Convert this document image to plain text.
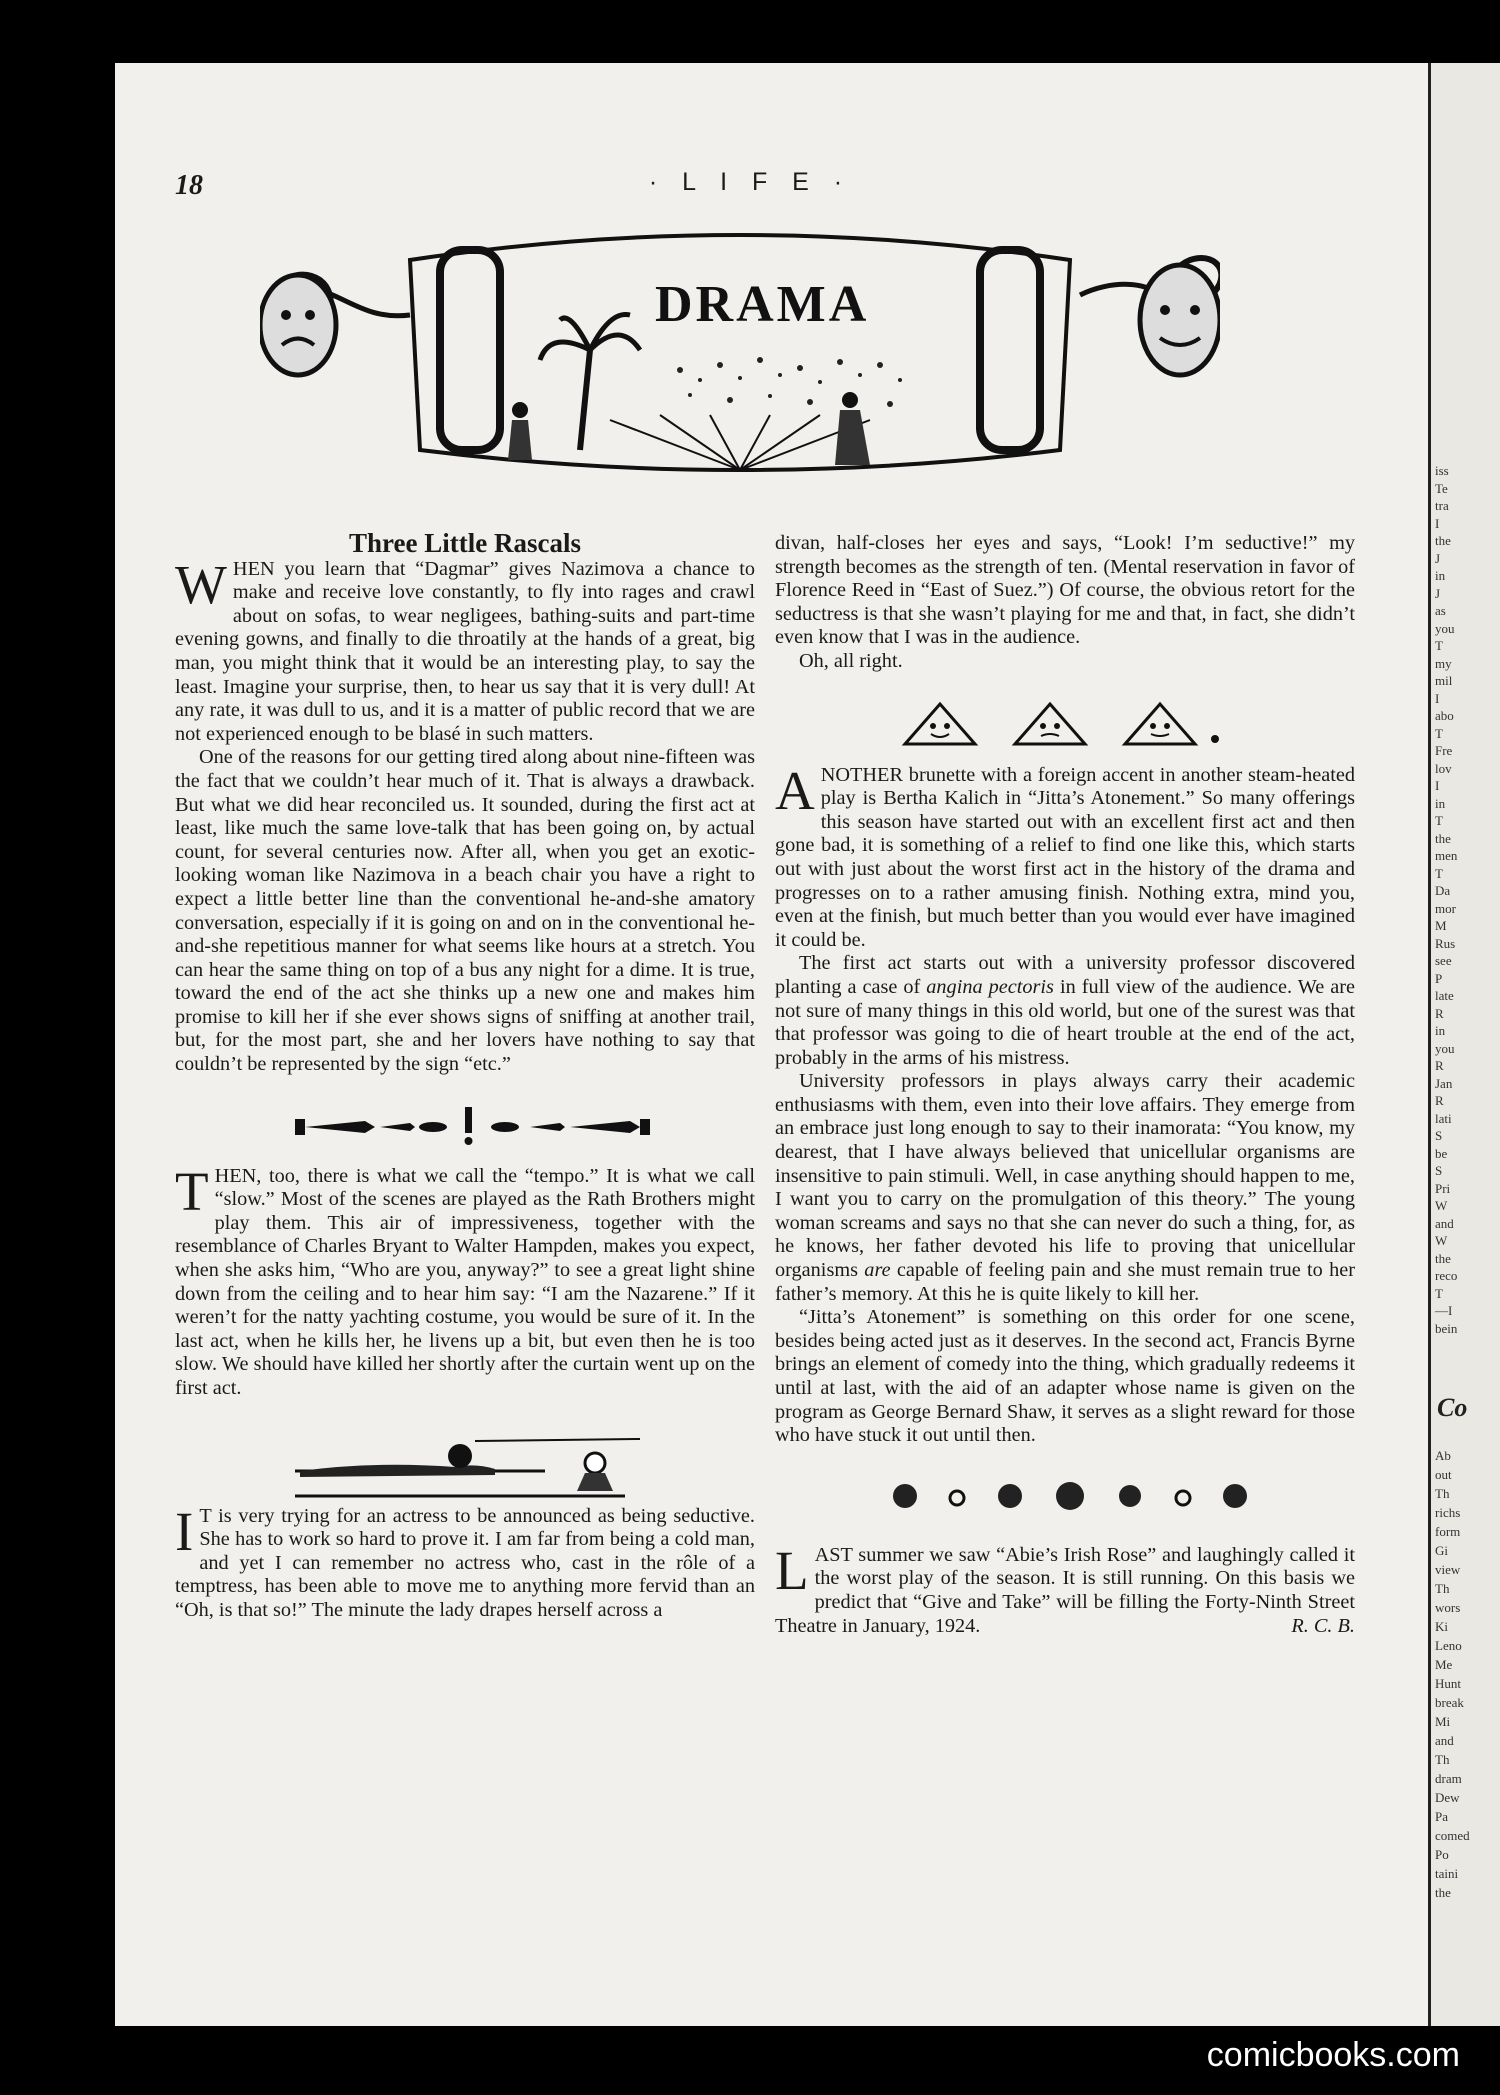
Co
iss
Te
tra
I
the
J
in
J
as
you
T
my
mil
I
abo
T
Fre
lov
I
in
T
the
men
T
Da
mor
M
Rus
see
P
late
R
in
you
R
Jan
R
lati
S
be
S
Pri
W
and
W
the
reco
T
—I
bein
Ab
out
Th
richs
form
Gi
view
Th
wors
Ki
Leno
Me
Hunt
break
Mi
and
Th
dram
Dew
Pa
comed
Po
taini
the
18	· L I F E ·
DRAMA
Three Little Rascals

WHEN you learn that “Dagmar” gives Nazimova a chance to make and receive love constantly, to fly into rages and crawl about on sofas, to wear negligees, bathing-suits and part-time evening gowns, and finally to die throatily at the hands of a great, big man, you might think that it would be an interesting play, to say the least. Imagine your surprise, then, to hear us say that it is very dull! At any rate, it was dull to us, and it is a matter of public record that we are not experienced enough to be blasé in such matters.

One of the reasons for our getting tired along about nine-fifteen was the fact that we couldn’t hear much of it. That is always a drawback. But what we did hear reconciled us. It sounded, during the first act at least, like much the same love-talk that has been going on, by actual count, for several centuries now. After all, when you get an exotic-looking woman like Nazimova in a beach chair you have a right to expect a little better line than the conventional he-and-she amatory conversation, especially if it is going on and on in the conventional he-and-she repetitious manner for what seems like hours at a stretch. You can hear the same thing on top of a bus any night for a dime. It is true, toward the end of the act she thinks up a new one and makes him promise to kill her if she ever shows signs of sniffing at another trail, but, for the most part, she and her lovers have nothing to say that couldn’t be represented by the sign “etc.”

THEN, too, there is what we call the “tempo.” It is what we call “slow.” Most of the scenes are played as the Rath Brothers might play them. This air of impressiveness, together with the resemblance of Charles Bryant to Walter Hampden, makes you expect, when she asks him, “Who are you, anyway?” to see a great light shine down from the ceiling and to hear him say: “I am the Nazarene.” If it weren’t for the natty yachting costume, you would be sure of it. In the last act, when he kills her, he livens up a bit, but even then he is too slow. We should have killed her shortly after the curtain went up on the first act.

I T is very trying for an actress to be announced as being seductive. She has to work so hard to prove it. I am far from being a cold man, and yet I can remember no actress who, cast in the rôle of a temptress, has been able to move me to anything more fervid than an “Oh, is that so!” The minute the lady drapes herself across a

divan, half-closes her eyes and says, “Look! I’m seductive!” my strength becomes as the strength of ten. (Mental reservation in favor of Florence Reed in “East of Suez.”) Of course, the obvious retort for the seductress is that she wasn’t playing for me and that, in fact, she didn’t even know that I was in the audience.

Oh, all right.

ANOTHER brunette with a foreign accent in another steam-heated play is Bertha Kalich in “Jitta’s Atonement.” So many offerings this season have started out with an excellent first act and then gone bad, it is something of a relief to find one like this, which starts out with just about the worst first act in the history of the drama and progresses on to a rather amusing finish. Nothing extra, mind you, even at the finish, but much better than you would ever have imagined it could be.

The first act starts out with a university professor discovered planting a case of angina pectoris in full view of the audience. We are not sure of many things in this old world, but one of the surest was that that professor was going to die of heart trouble at the end of the act, probably in the arms of his mistress.

University professors in plays always carry their academic enthusiasms with them, even into their love affairs. They emerge from an embrace just long enough to say to their inamorata: “You know, my dearest, that I have always believed that unicellular organisms are insensitive to pain stimuli. Well, in case anything should happen to me, I want you to carry on the promulgation of this theory.” The young woman screams and says no that she can never do such a thing, for, as he knows, her father devoted his life to proving that unicellular organisms are capable of feeling pain and she must remain true to her father’s memory. At this he is quite likely to kill her.

“Jitta’s Atonement” is something on this order for one scene, besides being acted just as it deserves. In the second act, Francis Byrne brings an element of comedy into the thing, which gradually redeems it until at last, with the aid of an adapter whose name is given on the program as George Bernard Shaw, it serves as a slight reward for those who have stuck it out until then.

LAST summer we saw “Abie’s Irish Rose” and laughingly called it the worst play of the season. It is still running. On this basis we predict that “Give and Take” will be filling the Forty-Ninth Street Theatre in January, 1924.	R. C. B.

comicbooks.com
